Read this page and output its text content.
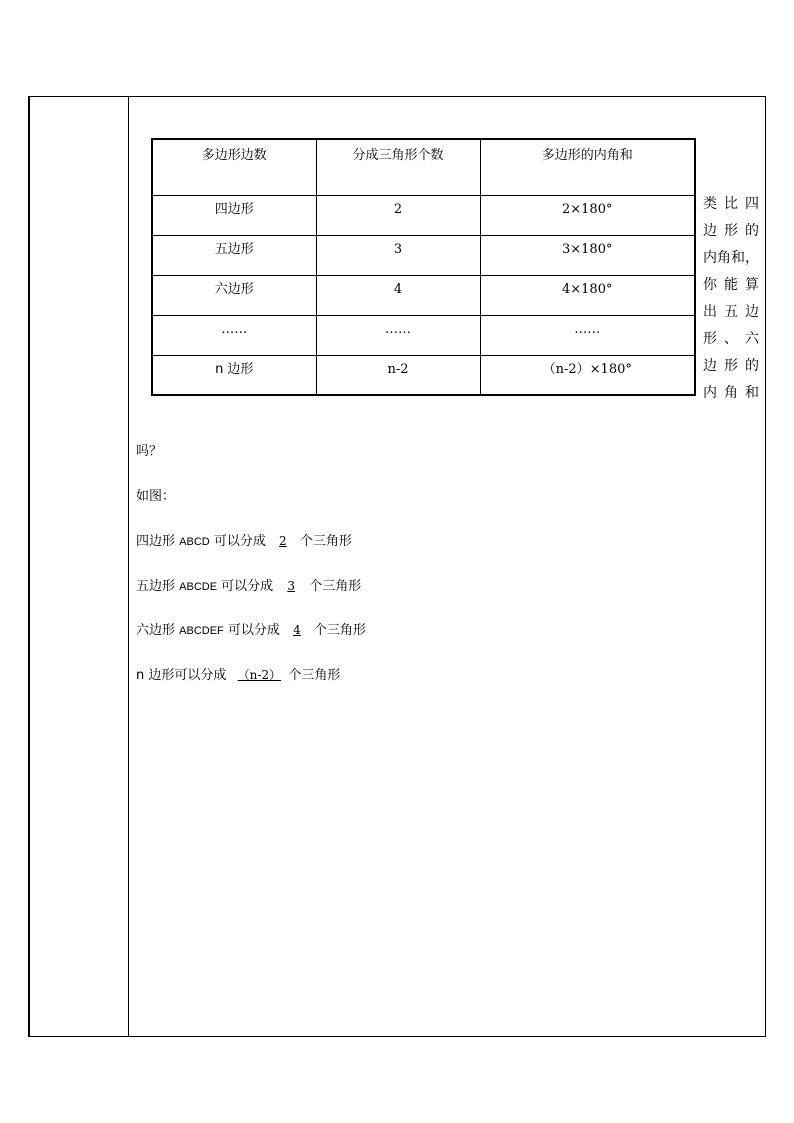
多边形边数	分成三角形个数	多边形的内角和
四边形	2	2×180°
五边形	3	3×180°
六边形	4	4×180°
……	……	……
n 边形	n-2	（n-2）×180°
类比四
边形的
内角和，
你能算
出五边
形、六
边形的
内角和
吗？
如图：
四边形 ABCD 可以分成 2 个三角形
五边形 ABCDE 可以分成 3 个三角形
六边形 ABCDEF 可以分成 4 个三角形
n 边形可以分成 （n-2） 个三角形
